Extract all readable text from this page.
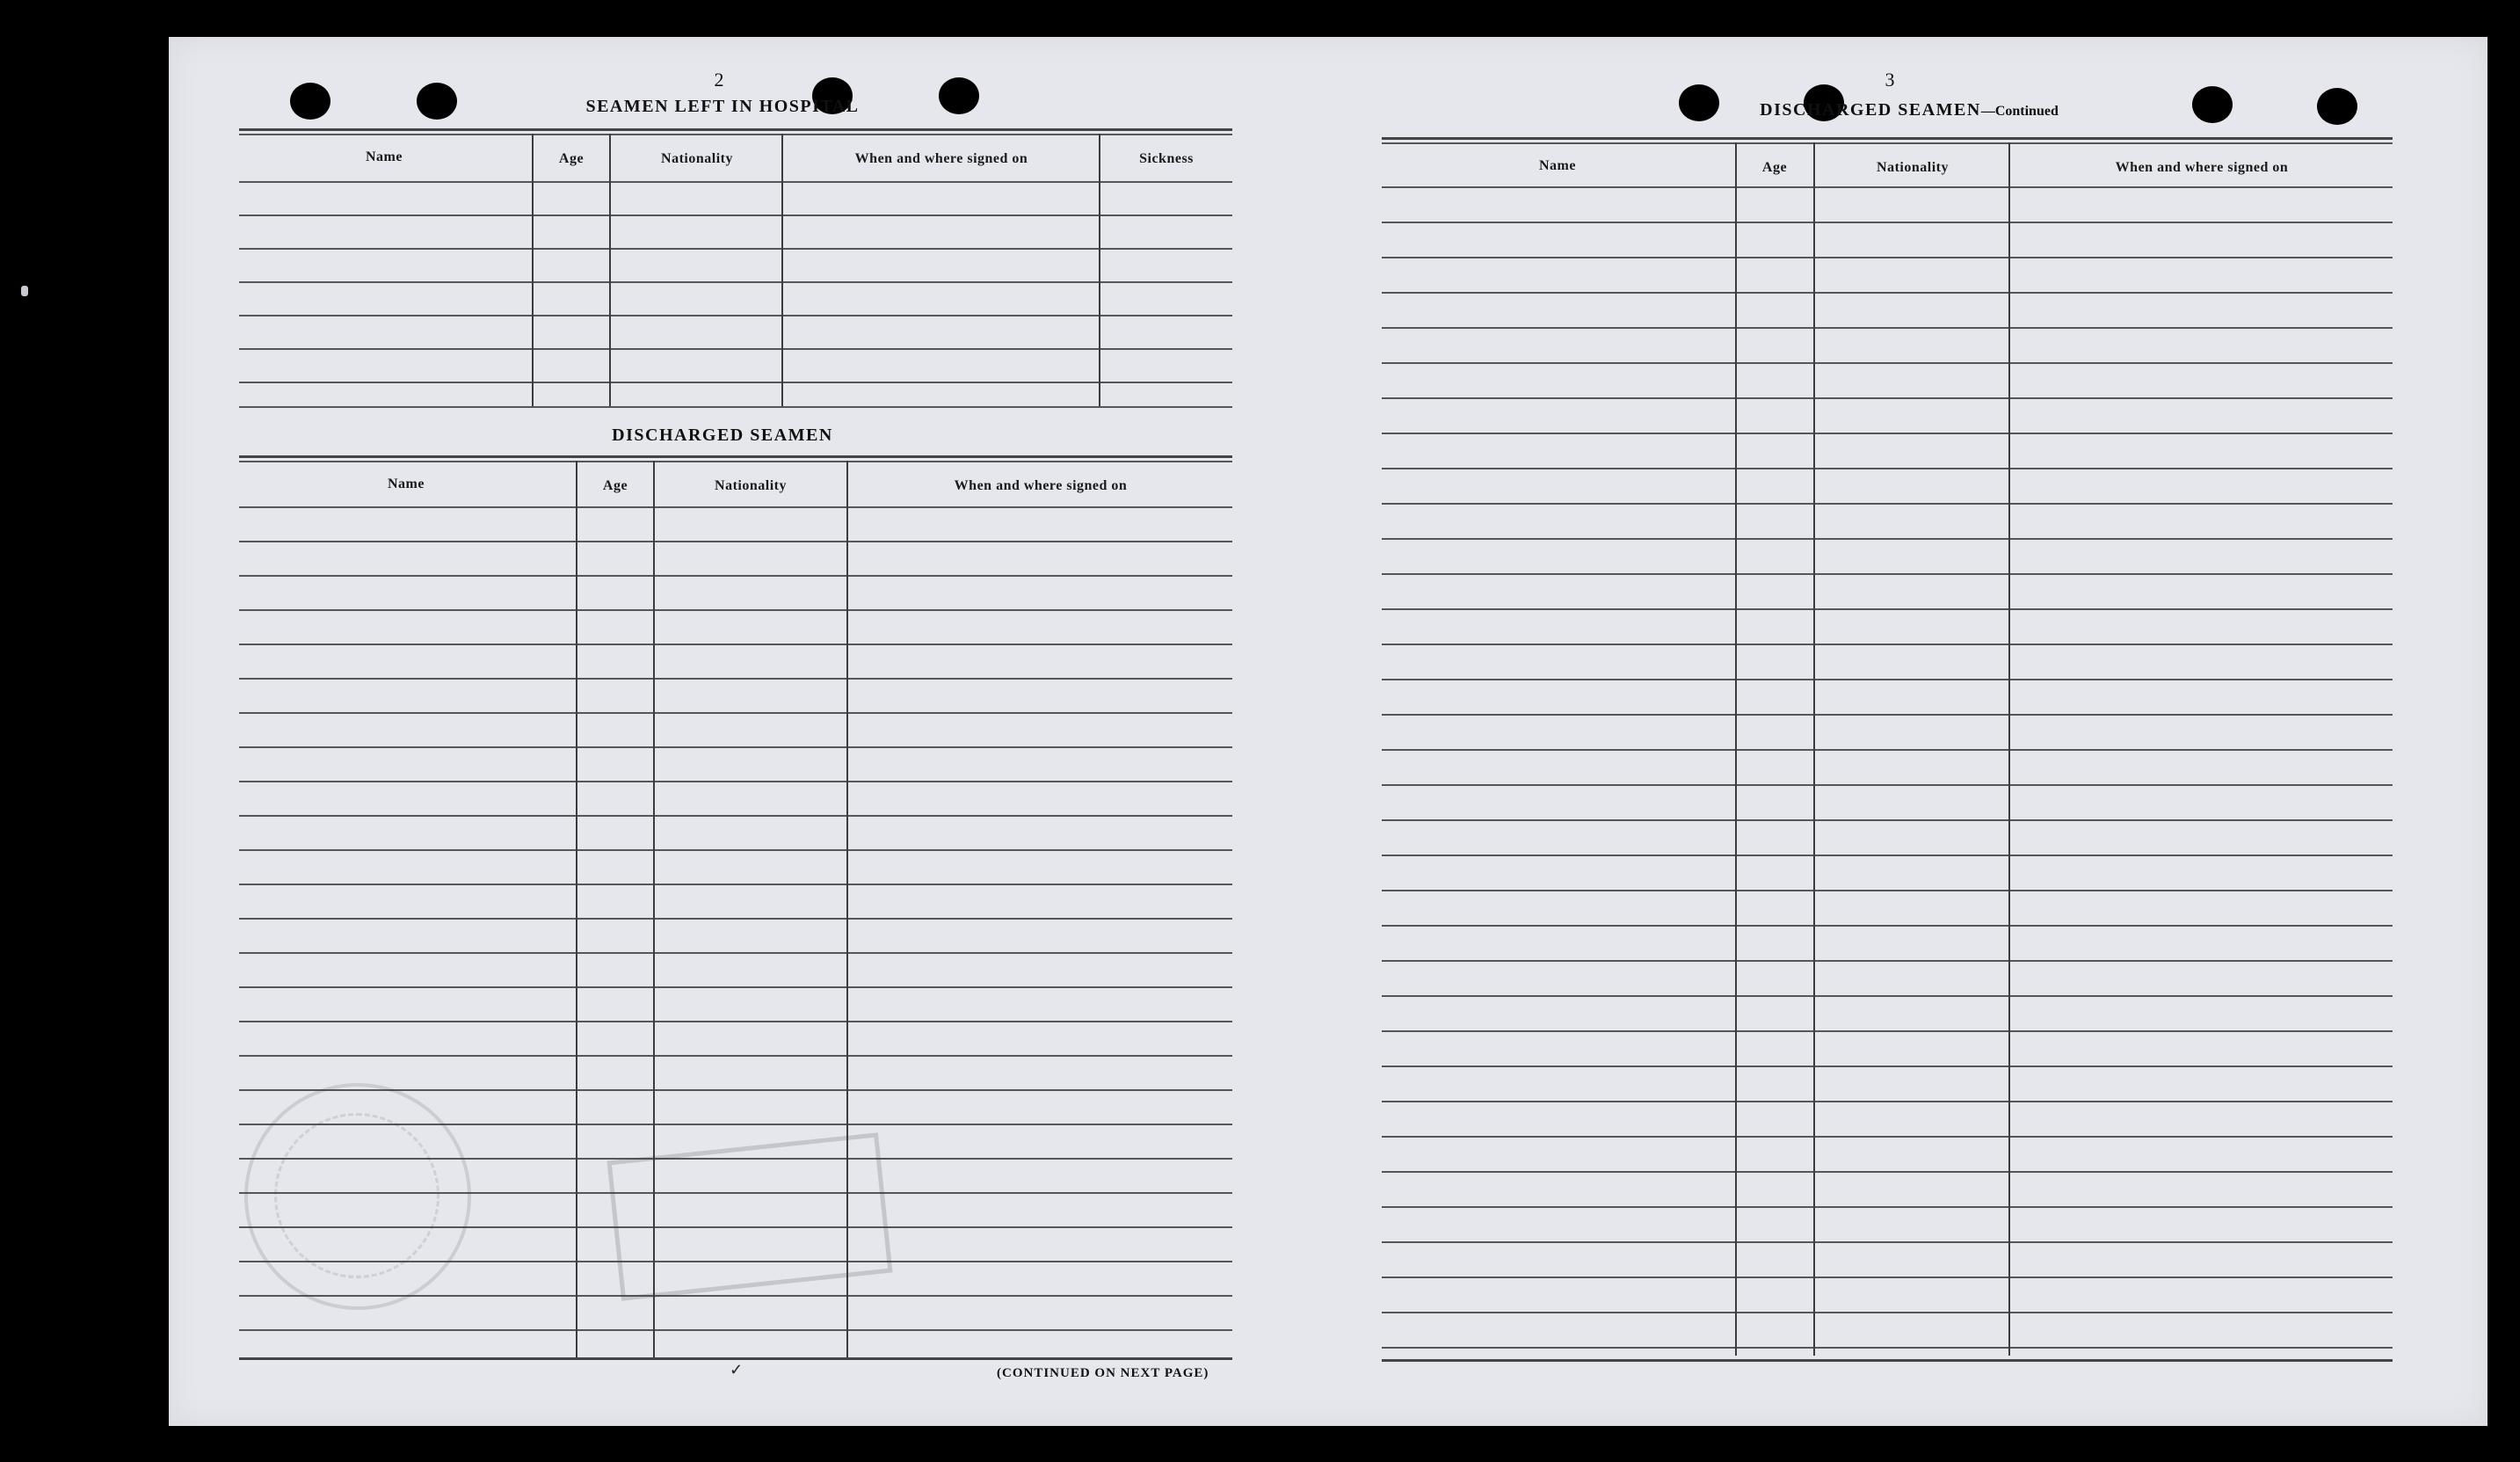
2
SEAMEN LEFT IN HOSPITAL
Name	Age	Nationality	When and where signed on	Sickness
DISCHARGED SEAMEN
Name	Age	Nationality	When and where signed on
✓	(CONTINUED ON NEXT PAGE)
3
DISCHARGED SEAMEN—Continued
Name	Age	Nationality	When and where signed on
